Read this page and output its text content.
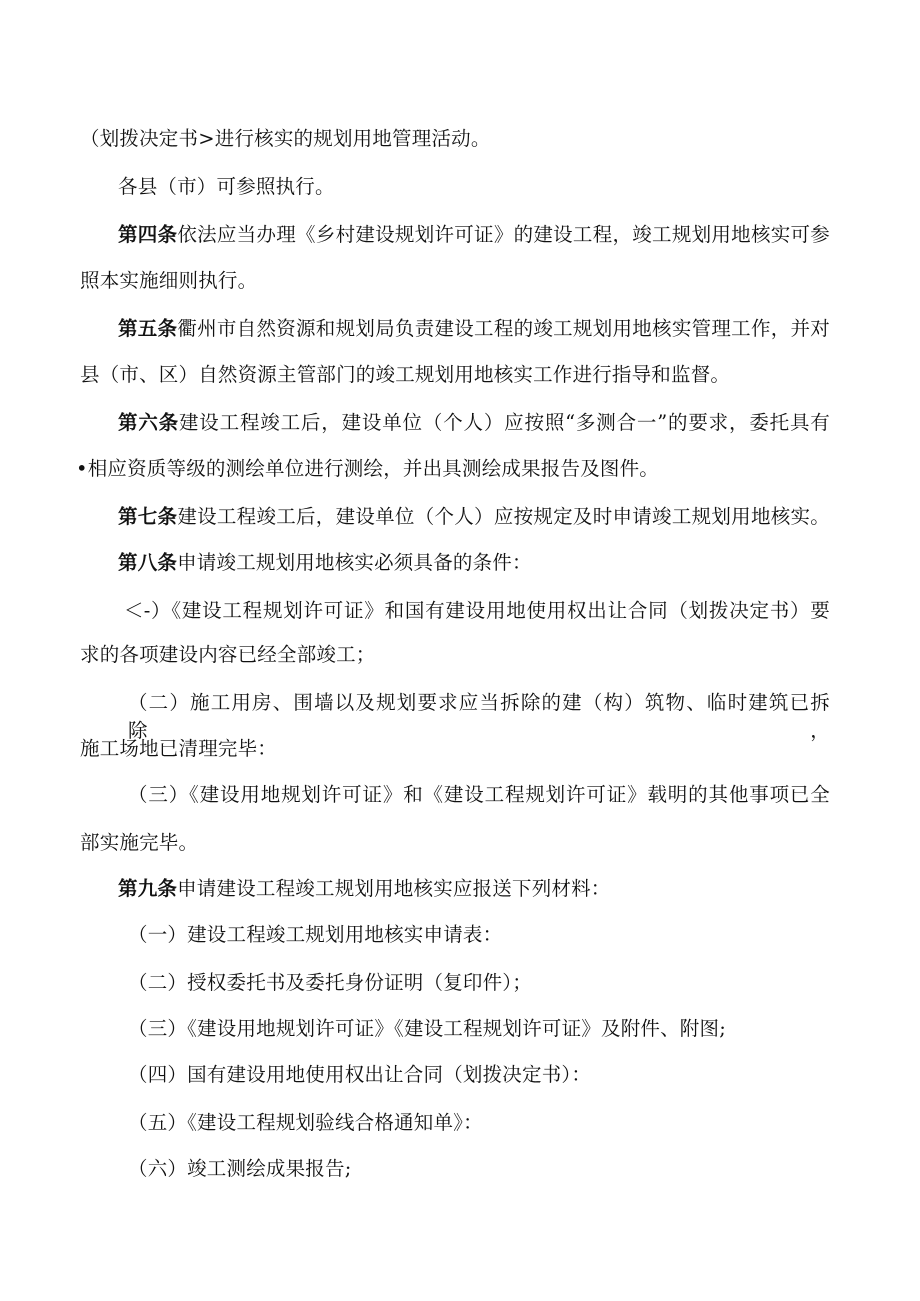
（划拨决定书>进行核实的规划用地管理活动。
各县（市）可参照执行。
第四条依法应当办理《乡村建设规划许可证》的建设工程，竣工规划用地核实可参
照本实施细则执行。
第五条衢州市自然资源和规划局负责建设工程的竣工规划用地核实管理工作，并对
县（市、区）自然资源主管部门的竣工规划用地核实工作进行指导和监督。
第六条建设工程竣工后，建设单位（个人）应按照“多测合一”的要求，委托具有
•相应资质等级的测绘单位进行测绘，并出具测绘成果报告及图件。
第七条建设工程竣工后，建设单位（个人）应按规定及时申请竣工规划用地核实。
第八条申请竣工规划用地核实必须具备的条件：
＜-）《建设工程规划许可证》和国有建设用地使用权出让合同（划拨决定书）要
求的各项建设内容已经全部竣工；
（二）施工用房、围墙以及规划要求应当拆除的建（构）筑物、临时建筑已拆除，
施工场地已清理完毕：
（三）《建设用地规划许可证》和《建设工程规划许可证》载明的其他事项已全
部实施完毕。
第九条申请建设工程竣工规划用地核实应报送下列材料：
（一）建设工程竣工规划用地核实申请表：
（二）授权委托书及委托身份证明（复印件）；
（三）《建设用地规划许可证》《建设工程规划许可证》及附件、附图;
（四）国有建设用地使用权出让合同（划拨决定书）：
（五）《建设工程规划验线合格通知单》：
（六）竣工测绘成果报告;
